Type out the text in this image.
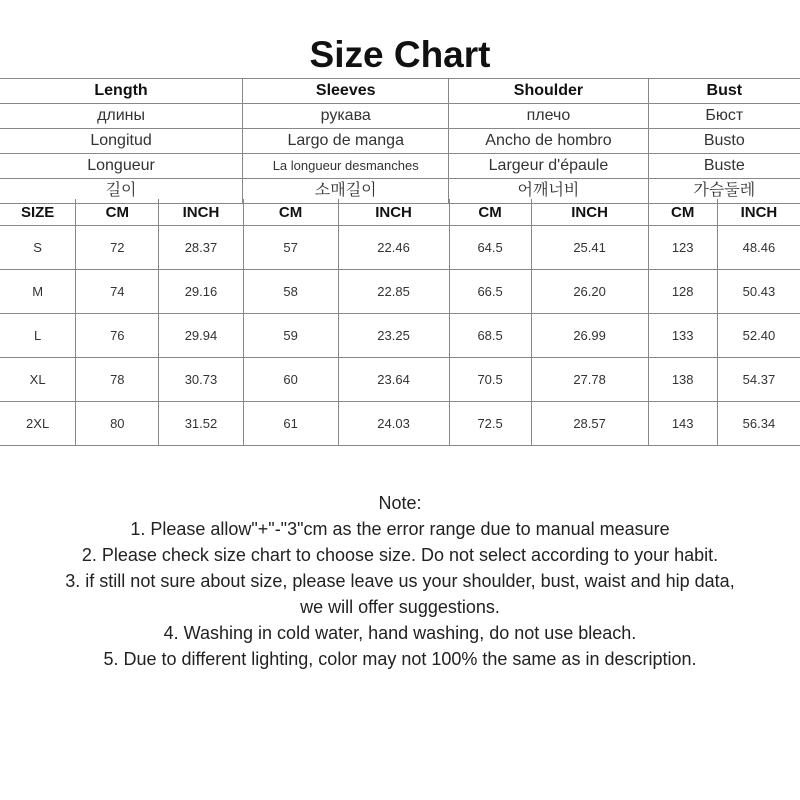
Size Chart
Length	Sleeves	Shoulder	Bust
длины	рукава	плечо	Бюст
Longitud	Largo de manga	Ancho de hombro	Busto
Longueur	La longueur desmanches	Largeur d'épaule	Buste
길이	소매길이	어깨너비	가슴둘레
SIZE	CM	INCH	CM	INCH	CM	INCH	CM	INCH
S	72	28.37	57	22.46	64.5	25.41	123	48.46
M	74	29.16	58	22.85	66.5	26.20	128	50.43
L	76	29.94	59	23.25	68.5	26.99	133	52.40
XL	78	30.73	60	23.64	70.5	27.78	138	54.37
2XL	80	31.52	61	24.03	72.5	28.57	143	56.34
Note:
1. Please allow"+"-"3"cm as the error range due to manual measure
2. Please check size chart to choose size. Do not select according to your habit.
3. if still not sure about size, please leave us your shoulder, bust, waist and hip data,
we will offer suggestions.
4. Washing in cold water, hand washing, do not use bleach.
5. Due to different lighting, color may not 100% the same as in description.
